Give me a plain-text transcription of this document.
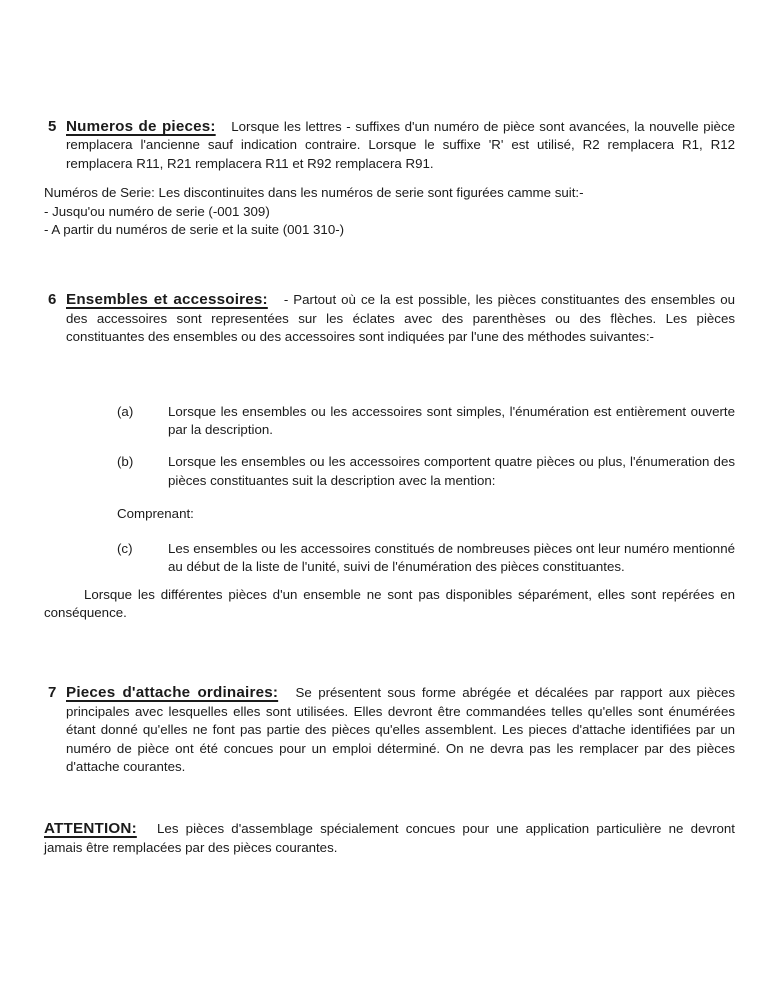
5 Numeros de pieces: Lorsque les lettres - suffixes d'un numéro de pièce sont avancées, la nouvelle pièce remplacera l'ancienne sauf indication contraire. Lorsque le suffixe 'R' est utilisé, R2 remplacera R1, R12 remplacera R11, R21 remplacera R11 et R92 remplacera R91.

Numéros de Serie: Les discontinuites dans les numéros de serie sont figurées camme suit:-

- Jusqu'ou numéro de serie (-001 309)

- A partir du numéros de serie et la suite (001 310-)

6 Ensembles et accessoires: - Partout où ce la est possible, les pièces constituantes des ensembles ou des accessoires sont representées sur les éclates avec des parenthèses ou des flèches. Les pièces constituantes des ensembles ou des accessoires sont indiquées par l'une des méthodes suivantes:-

(a)	Lorsque les ensembles ou les accessoires sont simples, l'énumération est entièrement ouverte par la description.
(b)	Lorsque les ensembles ou les accessoires comportent quatre pièces ou plus, l'énumeration des pièces constituantes suit la description avec la mention:

Comprenant:

(c)	Les ensembles ou les accessoires constitués de nombreuses pièces ont leur numéro mentionné au début de la liste de l'unité, suivi de l'énumération des pièces constituantes.

Lorsque les différentes pièces d'un ensemble ne sont pas disponibles séparément, elles sont repérées en conséquence.

7 Pieces d'attache ordinaires: Se présentent sous forme abrégée et décalées par rapport aux pièces principales avec lesquelles elles sont utilisées. Elles devront être commandées telles qu'elles sont énumérées étant donné qu'elles ne font pas partie des pièces qu'elles assemblent. Les pieces d'attache identifiées par un numéro de pièce ont été concues pour un emploi déterminé. On ne devra pas les remplacer par des pièces d'attache courantes.

ATTENTION: Les pièces d'assemblage spécialement concues pour une application particulière ne devront jamais être remplacées par des pièces courantes.
